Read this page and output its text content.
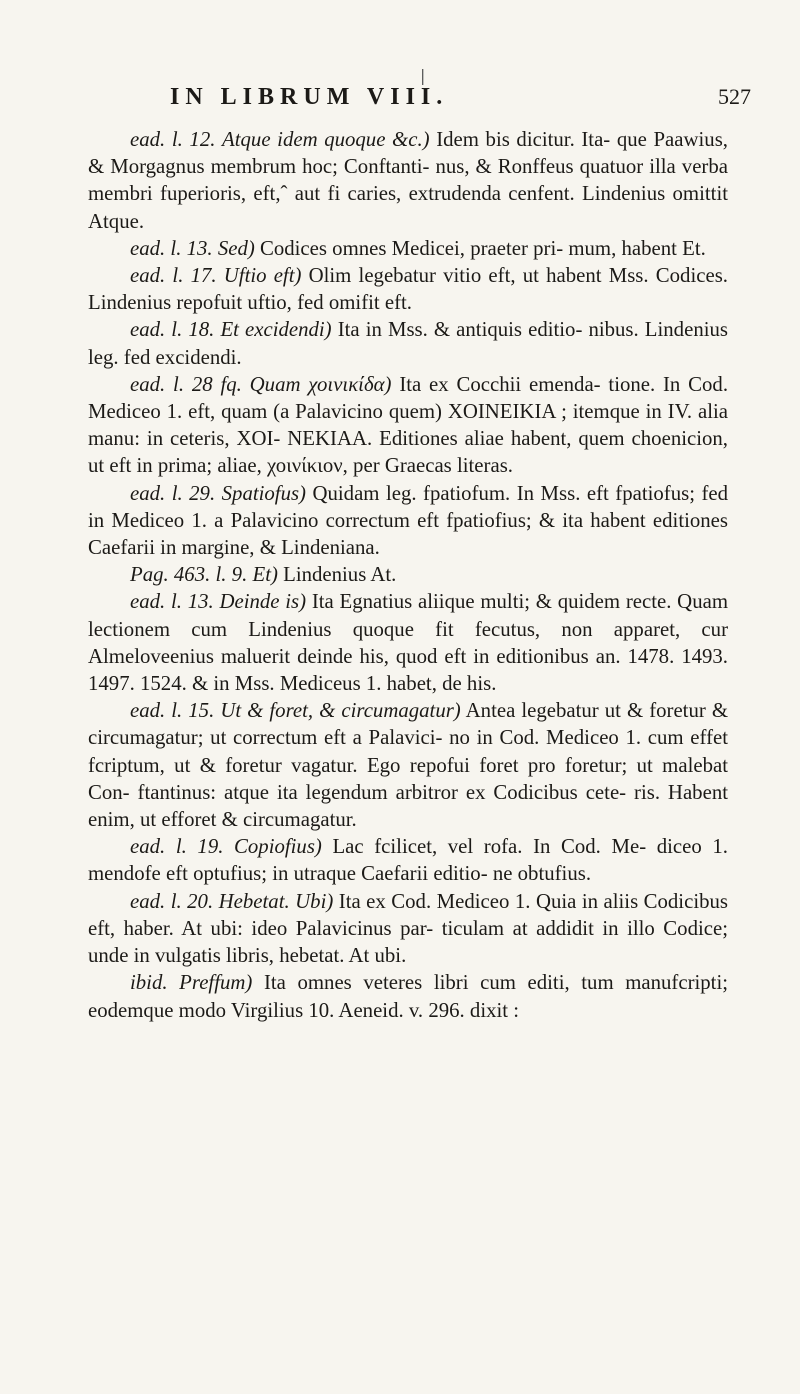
IN LIBRUM VIII.	527
|

ead. l. 12. Atque idem quoque &c.) Idem bis dicitur. Ita- que Paawius, & Morgagnus membrum hoc; Conftanti- nus, & Ronffeus quatuor illa verba membri fuperioris, eft,ˆ aut fi caries, extrudenda cenfent. Lindenius omittit Atque.

ead. l. 13. Sed) Codices omnes Medicei, praeter pri- mum, habent Et.

ead. l. 17. Uftio eft) Olim legebatur vitio eft, ut habent Mss. Codices. Lindenius repofuit uftio, fed omifit eft.

ead. l. 18. Et excidendi) Ita in Mss. & antiquis editio- nibus. Lindenius leg. fed excidendi.

ead. l. 28 fq. Quam χοινικίδα) Ita ex Cocchii emenda- tione. In Cod. Mediceo 1. eft, quam (a Palavicino quem) XOINEIKIA ; itemque in IV. alia manu: in ceteris, XOI- NEKIAA. Editiones aliae habent, quem choenicion, ut eft in prima; aliae, χοινίκιον, per Graecas literas.

ead. l. 29. Spatiofus) Quidam leg. fpatiofum. In Mss. eft fpatiofus; fed in Mediceo 1. a Palavicino correctum eft fpatiofius; & ita habent editiones Caefarii in margine, & Lindeniana.

Pag. 463. l. 9. Et) Lindenius At.

ead. l. 13. Deinde is) Ita Egnatius aliique multi; & quidem recte. Quam lectionem cum Lindenius quoque fit fecutus, non apparet, cur Almeloveenius maluerit deinde his, quod eft in editionibus an. 1478. 1493. 1497. 1524. & in Mss. Mediceus 1. habet, de his.

ead. l. 15. Ut & foret, & circumagatur) Antea legebatur ut & foretur & circumagatur; ut correctum eft a Palavici- no in Cod. Mediceo 1. cum effet fcriptum, ut & foretur vagatur. Ego repofui foret pro foretur; ut malebat Con- ftantinus: atque ita legendum arbitror ex Codicibus cete- ris. Habent enim, ut efforet & circumagatur.

ead. l. 19. Copiofius) Lac fcilicet, vel rofa. In Cod. Me- diceo 1. mendofe eft optufius; in utraque Caefarii editio- ne obtufius.

ead. l. 20. Hebetat. Ubi) Ita ex Cod. Mediceo 1. Quia in aliis Codicibus eft, haber. At ubi: ideo Palavicinus par- ticulam at addidit in illo Codice; unde in vulgatis libris, hebetat. At ubi.

ibid. Preffum) Ita omnes veteres libri cum editi, tum manufcripti; eodemque modo Virgilius 10. Aeneid. v. 296. dixit :
